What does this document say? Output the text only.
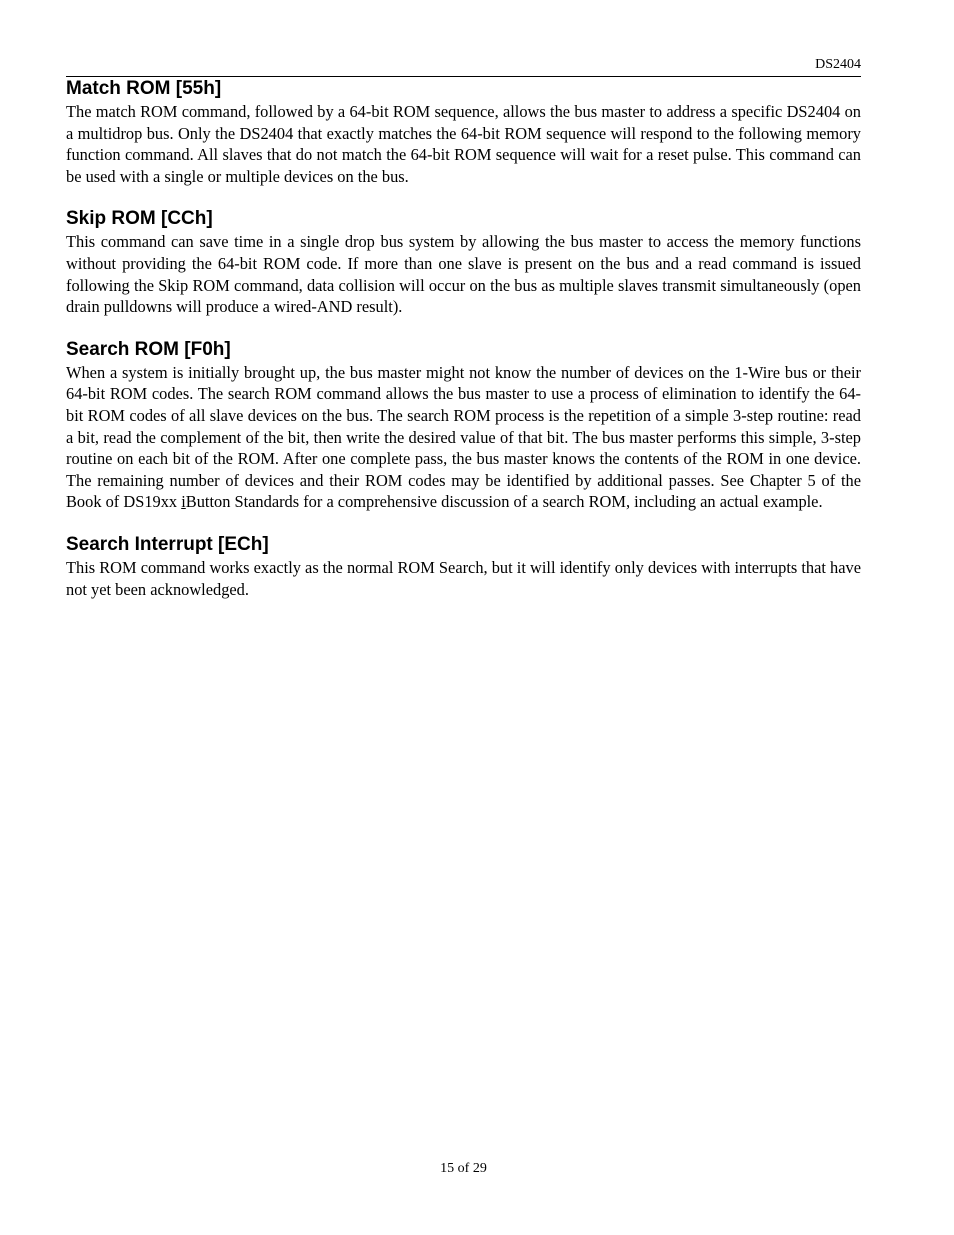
DS2404
Match ROM [55h]

The match ROM command, followed by a 64-bit ROM sequence, allows the bus master to address a specific DS2404 on a multidrop bus. Only the DS2404 that exactly matches the 64-bit ROM sequence will respond to the following memory function command. All slaves that do not match the 64-bit ROM sequence will wait for a reset pulse. This command can be used with a single or multiple devices on the bus.

Skip ROM [CCh]

This command can save time in a single drop bus system by allowing the bus master to access the memory functions without providing the 64-bit ROM code. If more than one slave is present on the bus and a read command is issued following the Skip ROM command, data collision will occur on the bus as multiple slaves transmit simultaneously (open drain pulldowns will produce a wired-AND result).

Search ROM [F0h]

When a system is initially brought up, the bus master might not know the number of devices on the 1-Wire bus or their 64-bit ROM codes. The search ROM command allows the bus master to use a process of elimination to identify the 64-bit ROM codes of all slave devices on the bus. The search ROM process is the repetition of a simple 3-step routine: read a bit, read the complement of the bit, then write the desired value of that bit. The bus master performs this simple, 3-step routine on each bit of the ROM. After one complete pass, the bus master knows the contents of the ROM in one device. The remaining number of devices and their ROM codes may be identified by additional passes. See Chapter 5 of the Book of DS19xx iButton Standards for a comprehensive discussion of a search ROM, including an actual example.

Search Interrupt [ECh]

This ROM command works exactly as the normal ROM Search, but it will identify only devices with interrupts that have not yet been acknowledged.

15 of 29
